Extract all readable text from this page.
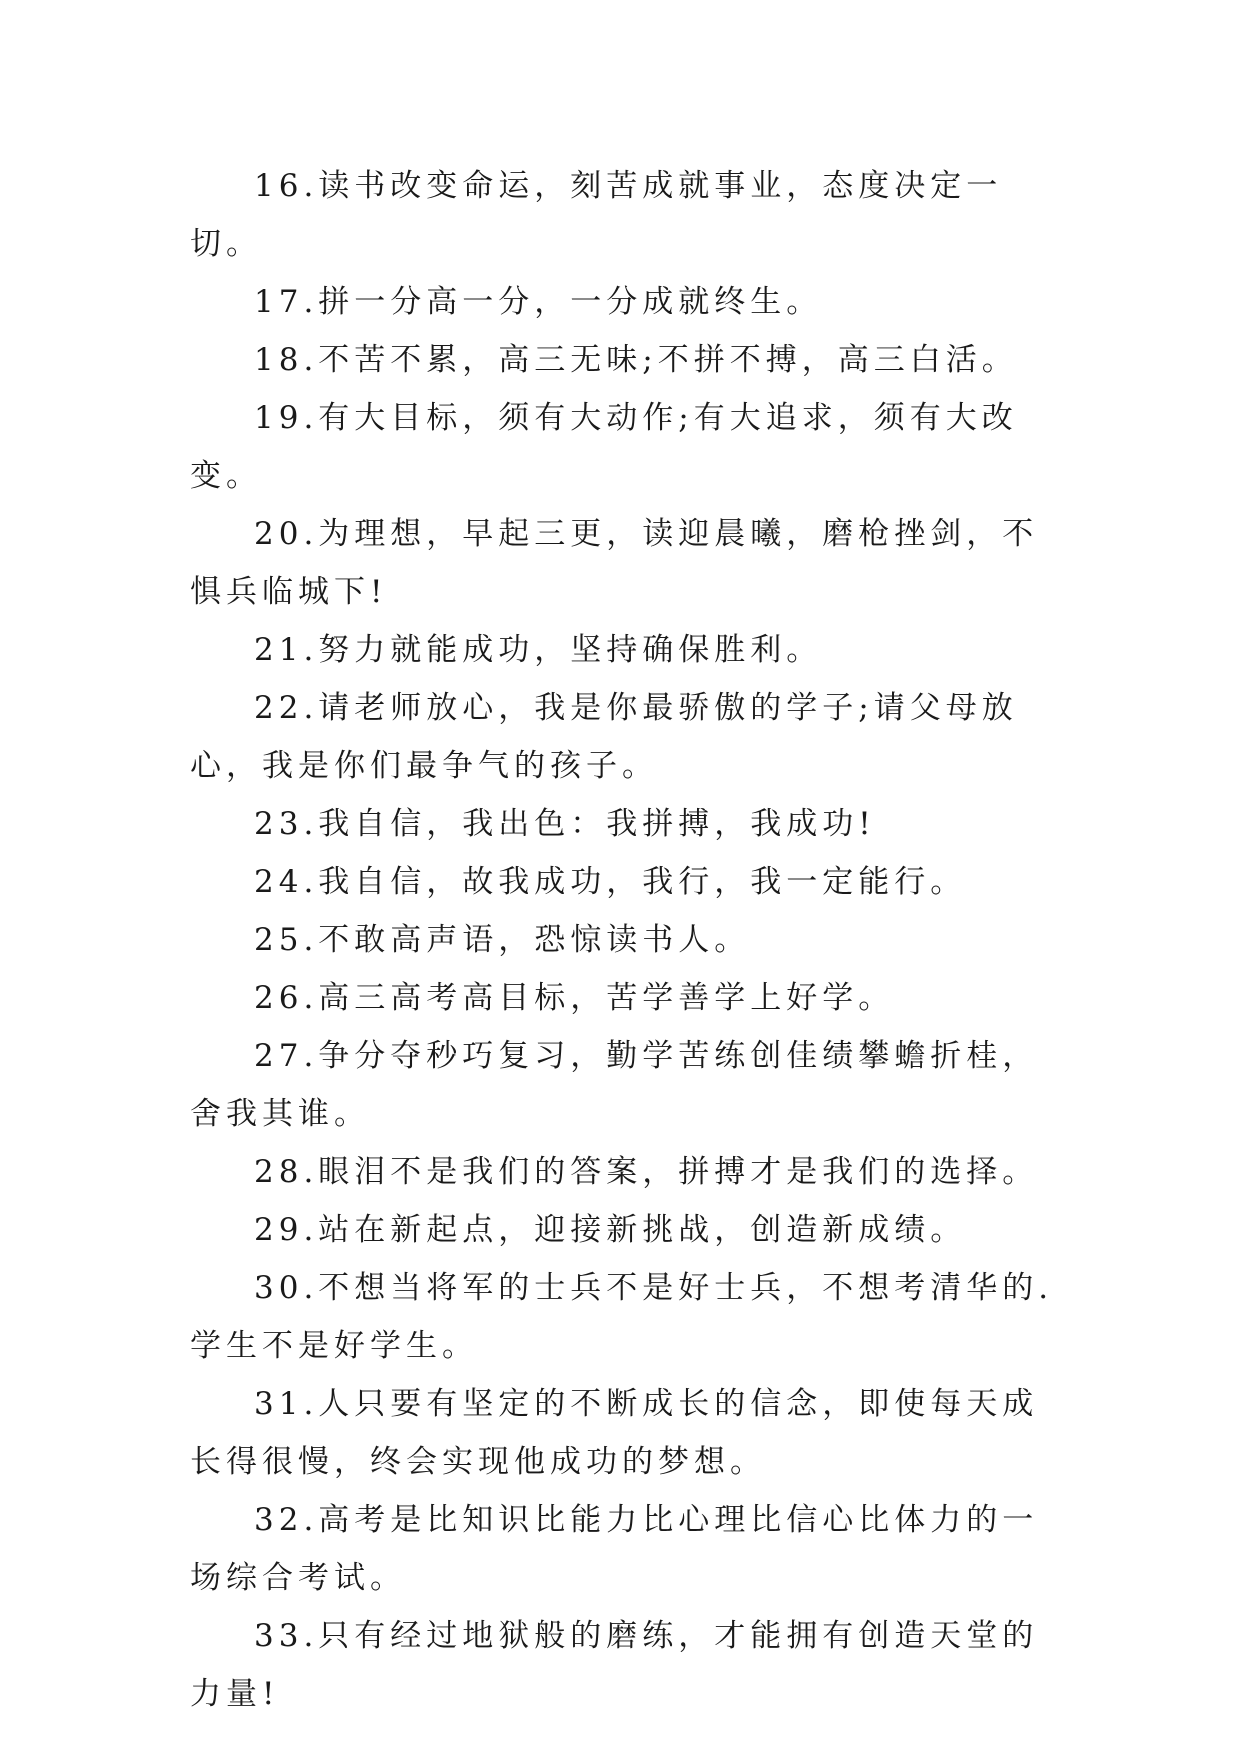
16.读书改变命运，刻苦成就事业，态度决定一切。

17.拼一分高一分，一分成就终生。

18.不苦不累，高三无味;不拼不搏，高三白活。

19.有大目标，须有大动作;有大追求，须有大改变。

20.为理想，早起三更，读迎晨曦，磨枪挫剑，不惧兵临城下!

21.努力就能成功，坚持确保胜利。

22.请老师放心，我是你最骄傲的学子;请父母放心，我是你们最争气的孩子。

23.我自信，我出色：我拼搏，我成功!

24.我自信，故我成功，我行，我一定能行。

25.不敢高声语，恐惊读书人。

26.高三高考高目标，苦学善学上好学。

27.争分夺秒巧复习，勤学苦练创佳绩攀蟾折桂，舍我其谁。

28.眼泪不是我们的答案，拼搏才是我们的选择。

29.站在新起点，迎接新挑战，创造新成绩。

30.不想当将军的士兵不是好士兵，不想考清华的.学生不是好学生。

31.人只要有坚定的不断成长的信念，即使每天成长得很慢，终会实现他成功的梦想。

32.高考是比知识比能力比心理比信心比体力的一场综合考试。

33.只有经过地狱般的磨练，才能拥有创造天堂的力量!
